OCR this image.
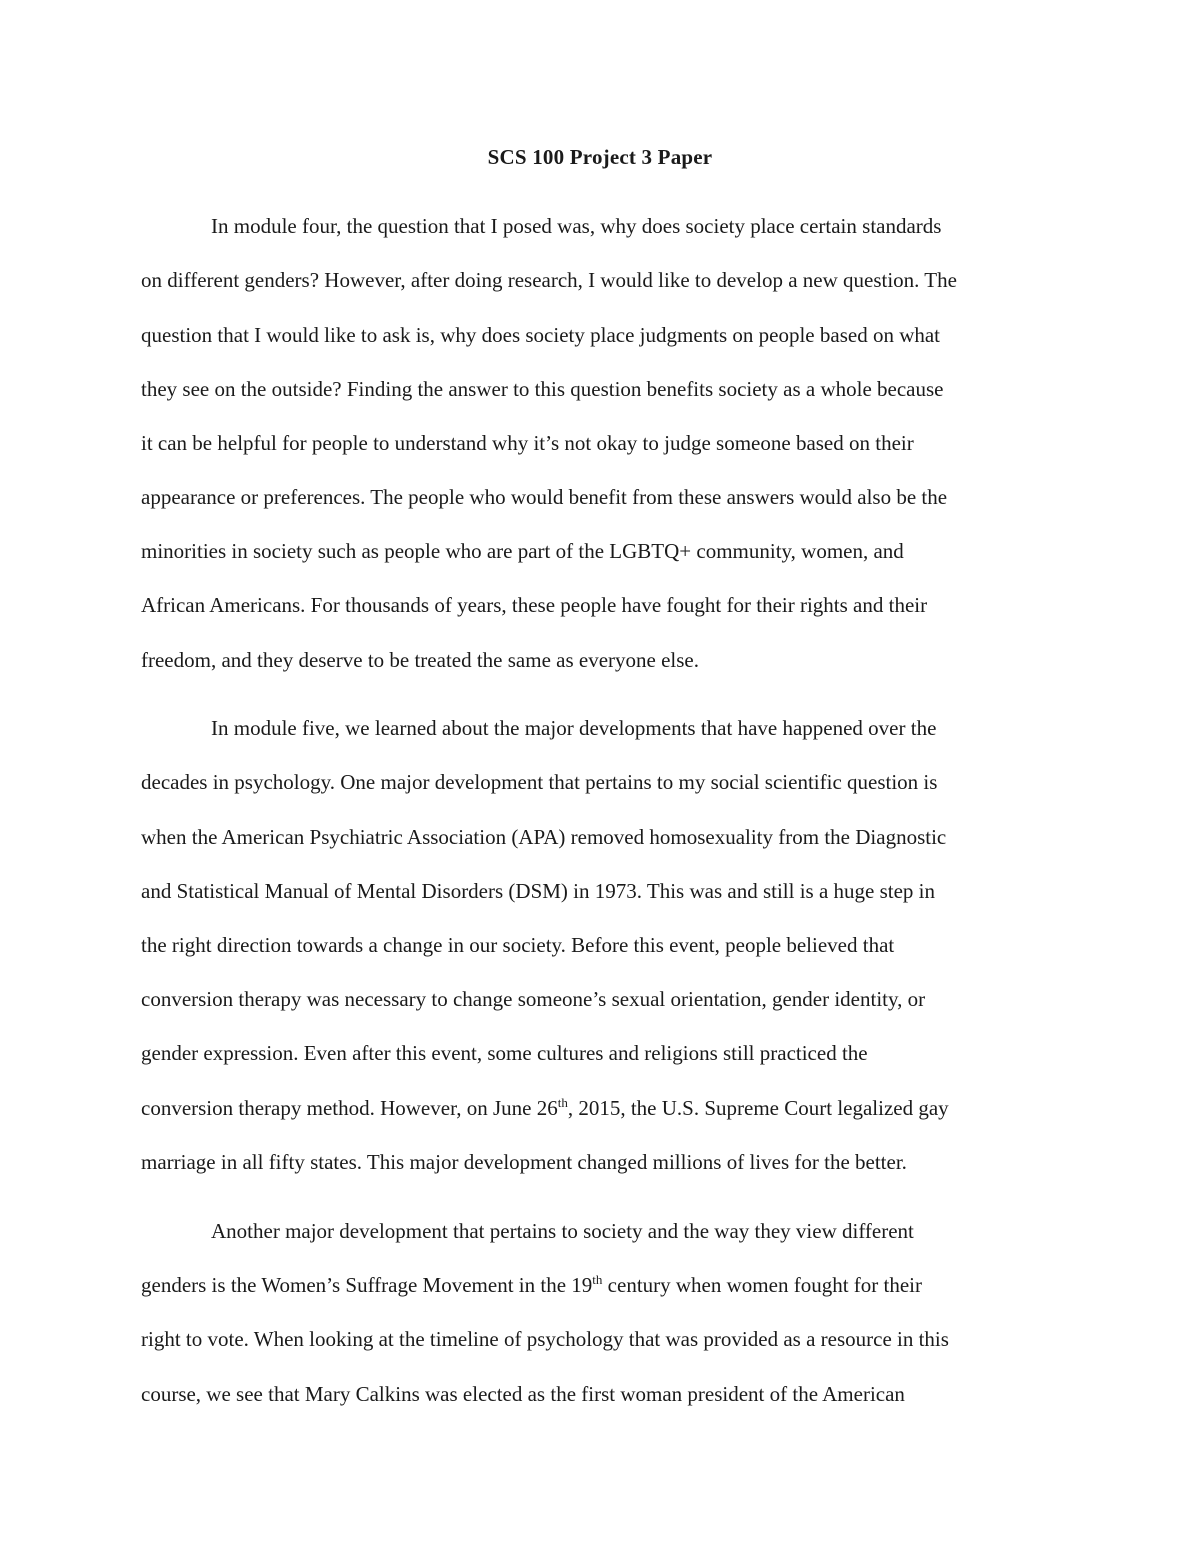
SCS 100 Project 3 Paper
In module four, the question that I posed was, why does society place certain standards
on different genders? However, after doing research, I would like to develop a new question. The
question that I would like to ask is, why does society place judgments on people based on what
they see on the outside? Finding the answer to this question benefits society as a whole because
it can be helpful for people to understand why it’s not okay to judge someone based on their
appearance or preferences. The people who would benefit from these answers would also be the
minorities in society such as people who are part of the LGBTQ+ community, women, and
African Americans. For thousands of years, these people have fought for their rights and their
freedom, and they deserve to be treated the same as everyone else.
In module five, we learned about the major developments that have happened over the
decades in psychology. One major development that pertains to my social scientific question is
when the American Psychiatric Association (APA) removed homosexuality from the Diagnostic
and Statistical Manual of Mental Disorders (DSM) in 1973. This was and still is a huge step in
the right direction towards a change in our society. Before this event, people believed that
conversion therapy was necessary to change someone’s sexual orientation, gender identity, or
gender expression. Even after this event, some cultures and religions still practiced the
conversion therapy method. However, on June 26th, 2015, the U.S. Supreme Court legalized gay
marriage in all fifty states. This major development changed millions of lives for the better.
Another major development that pertains to society and the way they view different
genders is the Women’s Suffrage Movement in the 19th century when women fought for their
right to vote. When looking at the timeline of psychology that was provided as a resource in this
course, we see that Mary Calkins was elected as the first woman president of the American
